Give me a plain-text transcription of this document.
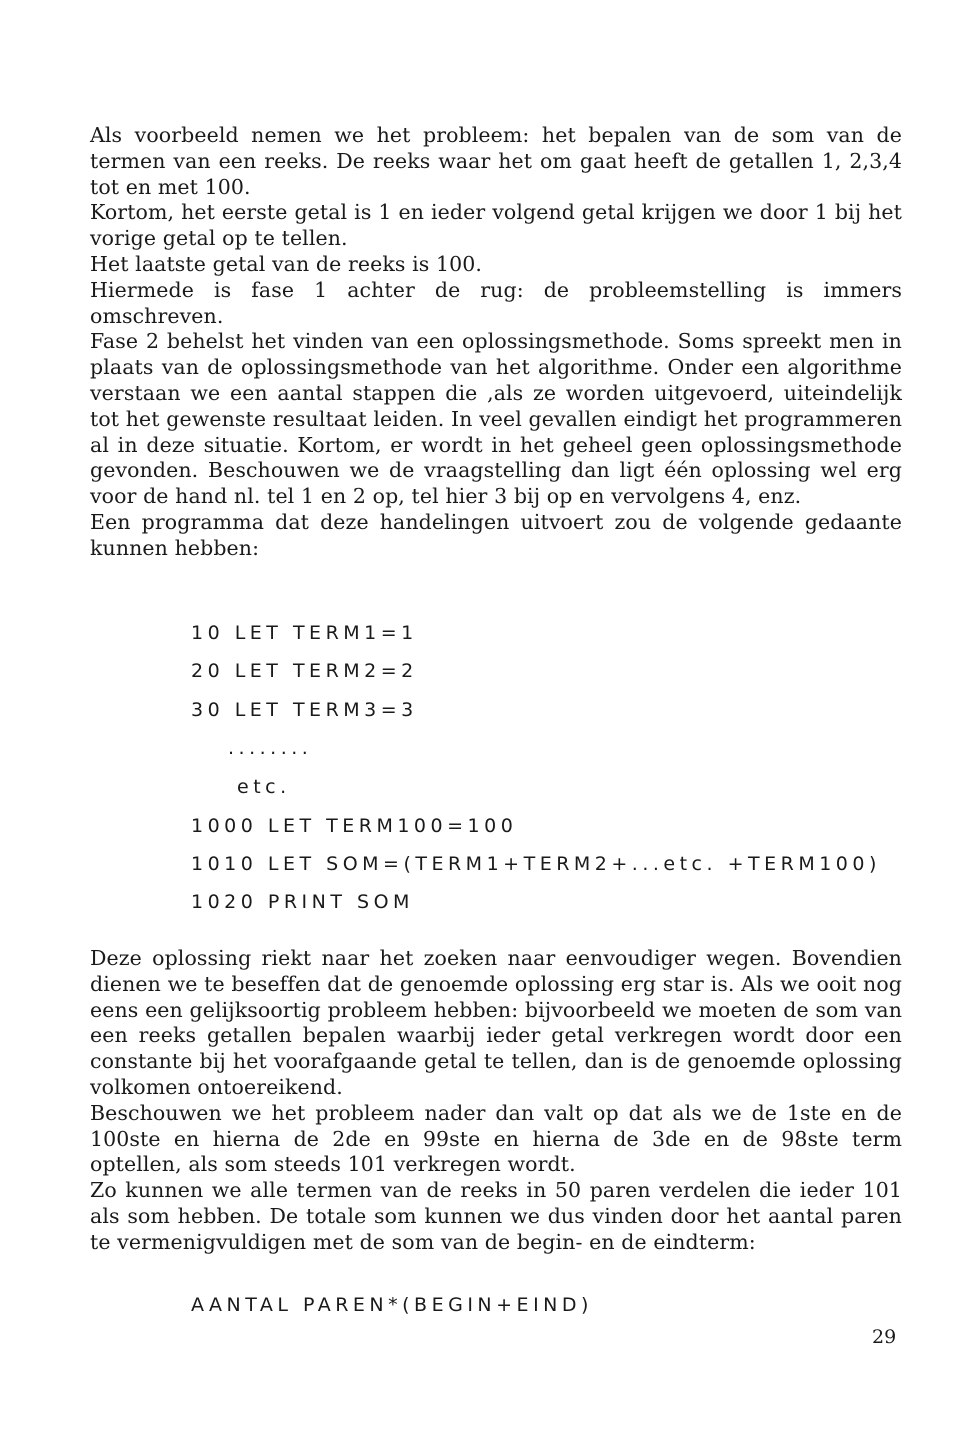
Als voorbeeld nemen we het probleem: het bepalen van de som van de termen van een reeks. De reeks waar het om gaat heeft de getallen 1, 2,3,4 tot en met 100.

Kortom, het eerste getal is 1 en ieder volgend getal krijgen we door 1 bij het vorige getal op te tellen.

Het laatste getal van de reeks is 100.

Hiermede is fase 1 achter de rug: de probleemstelling is immers omschreven.

Fase 2 behelst het vinden van een oplossingsmethode. Soms spreekt men in plaats van de oplossingsmethode van het algorithme. Onder een algorithme verstaan we een aantal stappen die ,als ze worden uitgevoerd, uiteindelijk tot het gewenste resultaat leiden. In veel gevallen eindigt het programmeren al in deze situatie. Kortom, er wordt in het geheel geen oplossingsmethode gevonden. Beschouwen we de vraagstelling dan ligt één oplossing wel erg voor de hand nl. tel 1 en 2 op, tel hier 3 bij op en vervolgens 4, enz.

Een programma dat deze handelingen uitvoert zou de volgende gedaante kunnen hebben:

10 LET TERM1=1
20 LET TERM2=2
30 LET TERM3=3
........
etc.
1000 LET TERM100=100
1010 LET SOM=(TERM1+TERM2+...etc. +TERM100)
1020 PRINT SOM

Deze oplossing riekt naar het zoeken naar eenvoudiger wegen. Bovendien dienen we te beseffen dat de genoemde oplossing erg star is. Als we ooit nog eens een gelijksoortig probleem hebben: bijvoorbeeld we moeten de som van een reeks getallen bepalen waarbij ieder getal verkregen wordt door een constante bij het voorafgaande getal te tellen, dan is de genoemde oplossing volkomen ontoereikend.

Beschouwen we het probleem nader dan valt op dat als we de 1ste en de 100ste en hierna de 2de en 99ste en hierna de 3de en de 98ste term optellen, als som steeds 101 verkregen wordt.

Zo kunnen we alle termen van de reeks in 50 paren verdelen die ieder 101 als som hebben. De totale som kunnen we dus vinden door het aantal paren te vermenigvuldigen met de som van de begin- en de eindterm:

AANTAL PAREN*(BEGIN+EIND)
29
